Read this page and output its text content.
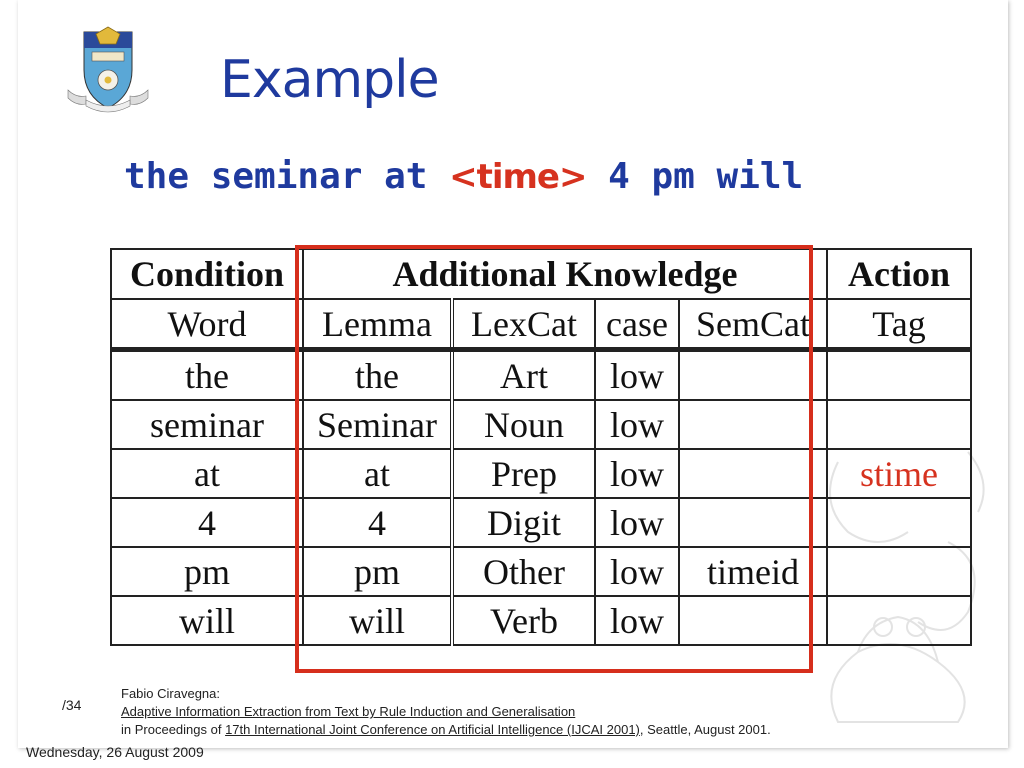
Example
the seminar at <time> 4 pm will
Condition	Additional Knowledge				Action
Word	Lemma	LexCat	case	SemCat	Tag
the	the	Art	low		
seminar	Seminar	Noun	low		
at	at	Prep	low		stime
4	4	Digit	low		
pm	pm	Other	low	timeid	
will	will	Verb	low		
/34
Fabio Ciravegna:
Adaptive Information Extraction from Text by Rule Induction and Generalisation
in Proceedings of 17th International Joint Conference on Artificial Intelligence (IJCAI 2001), Seattle, August 2001.
Wednesday, 26 August 2009
